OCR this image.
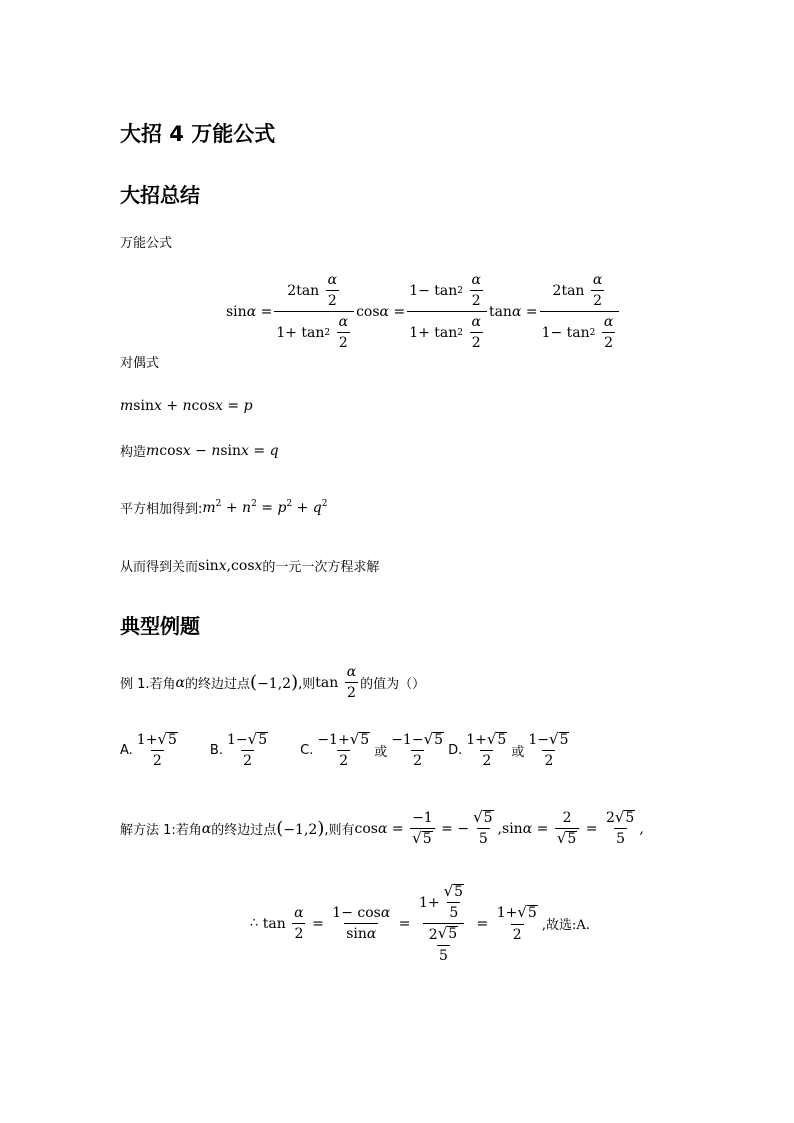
大招 4 万能公式
大招总结
万能公式
$\sin\alpha = 2\tan \frac{\alpha}{2}$
1+ tan 2
$\frac{\alpha}{2}$ cosα = 1− tan 2
$\frac{\alpha}{2}$
1+ tan 2
$\frac{\alpha}{2}$ $\tan\alpha = 2\tan \frac{\alpha}{2}$
1− tan 2
$\frac{\alpha}{2}$
对偶式
msinx + ncosx = p
构造 mcosx − nsinx = q
平方相加得到: $m^2 + n^2 = p^2 + q^2$
从而得到关而 sinx,cosx 的一元一次方程求解
典型例题
例 1.若角 α 的终边过点 (−1,2) ,则 $\tan \frac{\alpha}{2}$ 的值为（）
A. $\frac{1+ √ 5}{2} B$. $\frac{1- √ 5}{2} C$. $\frac{-1+ √ 5}{2}$ 或 $\frac{-1- √ 5}{2} D$. $\frac{1+ √ 5}{2}$ 或 $\frac{1- √ 5}{2}$
解方法 1:若角 α 的终边过点 (−1,2) ,则有 $\cos \alpha = \frac{-1}{√ 5}$ = − $\frac{√ 5}{5} ,\sin$ $\alpha = \frac{2}{√ 5} = \frac{2 √ 5}{5}$ ,
∴ $\tan \frac{\alpha}{2} = \frac{\text{1− cos α}}{\text{sin α}} = \frac{1+ \frac{√ 5}{5}}{\frac{2 √ 5}{5}} = \frac{1+ √ 5}{2}$ ,故选:A.
